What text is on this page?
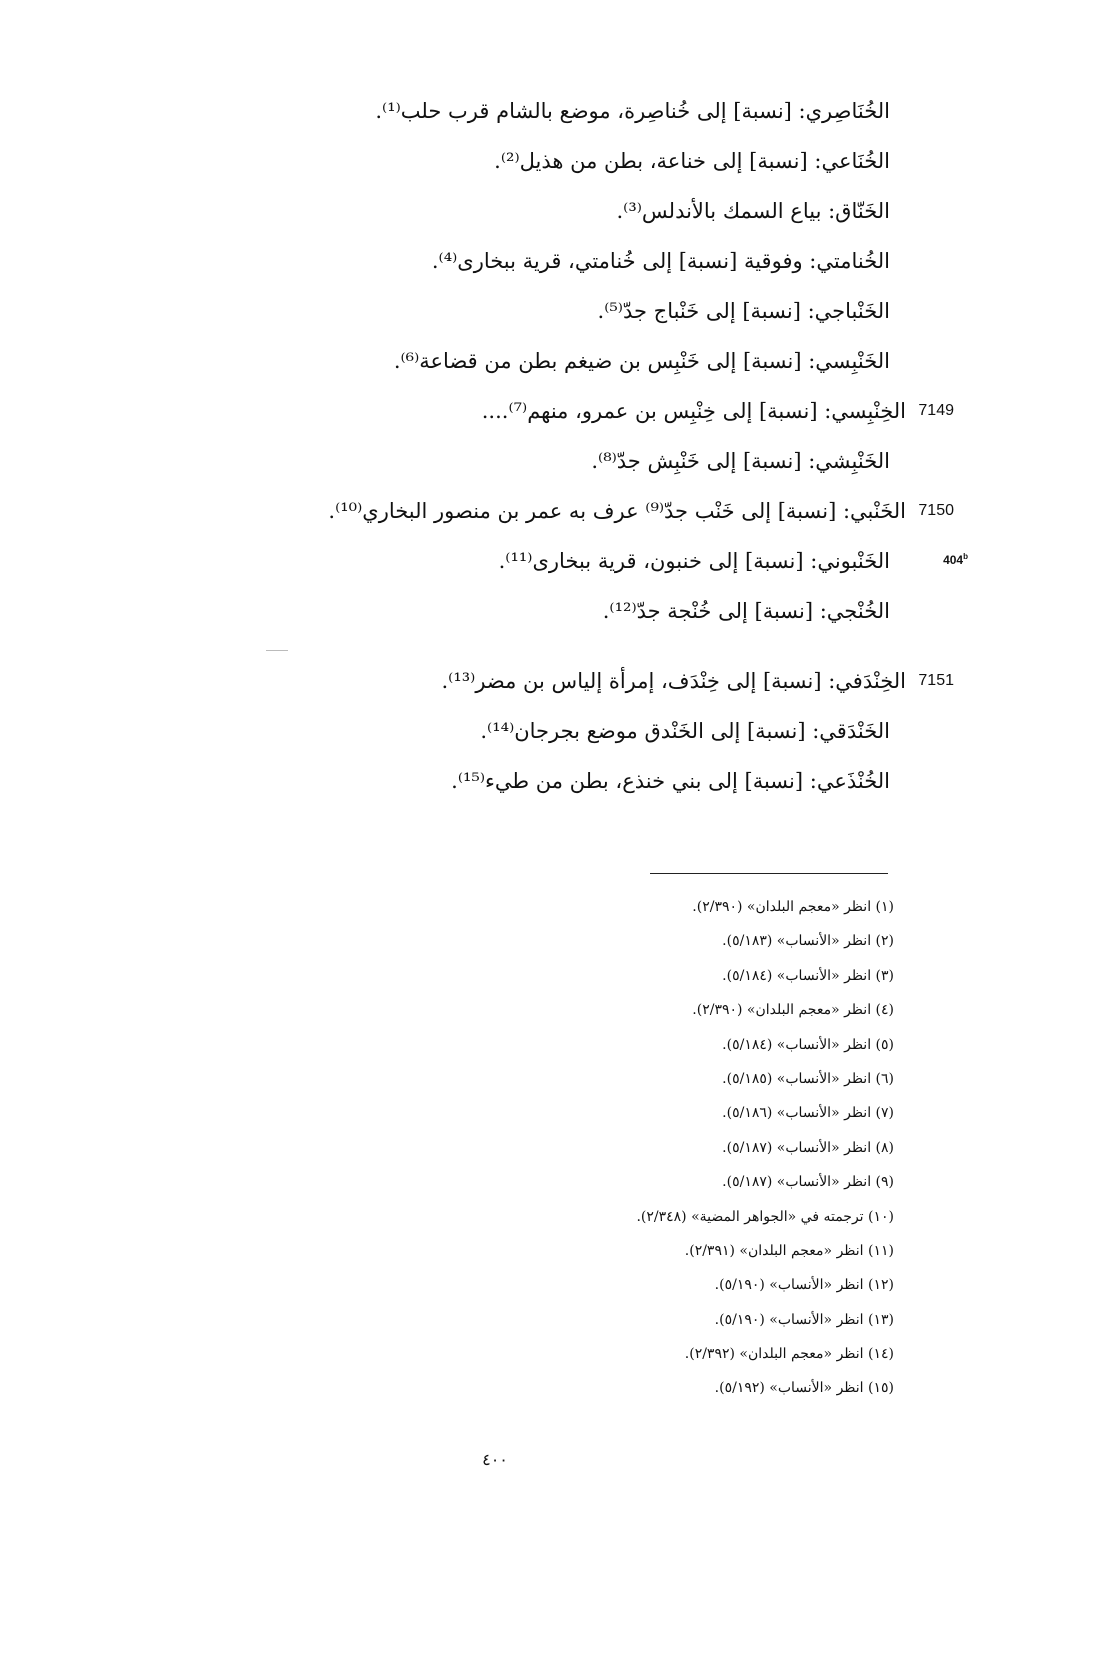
الخُنَاصِري: [نسبة] إلى خُناصِرة، موضع بالشام قرب حلب⁽¹⁾.
الخُنَاعي: [نسبة] إلى خناعة، بطن من هذيل⁽²⁾.
الخَنّاق: بياع السمك بالأندلس⁽³⁾.
الخُنامتي: وفوقية [نسبة] إلى خُنامتي، قرية ببخارى⁽⁴⁾.
الخَنْباجي: [نسبة] إلى خَنْباج جدّ⁽⁵⁾.
الخَنْبِسي: [نسبة] إلى خَنْبِس بن ضيغم بطن من قضاعة⁽⁶⁾.
7149
الخِنْبِسي: [نسبة] إلى خِنْبِس بن عمرو، منهم⁽⁷⁾....
الخَنْبِشي: [نسبة] إلى خَنْبِش جدّ⁽⁸⁾.
7150
الخَنْبي: [نسبة] إلى خَنْب جدّ⁽⁹⁾ عرف به عمر بن منصور البخاري⁽¹⁰⁾.
الخَنْبوني: [نسبة] إلى خنبون، قرية ببخارى⁽¹¹⁾.
الخُنْجي: [نسبة] إلى خُنْجة جدّ⁽¹²⁾.
7151
الخِنْدَفي: [نسبة] إلى خِنْدَف، إمرأة إلياس بن مضر⁽¹³⁾.
الخَنْدَقي: [نسبة] إلى الخَنْدق موضع بجرجان⁽¹⁴⁾.
الخُنْذَعي: [نسبة] إلى بني خنذع، بطن من طيء⁽¹⁵⁾.
404$^b$
(١) انظر «معجم البلدان» (٢/٣٩٠).
(٢) انظر «الأنساب» (٥/١٨٣).
(٣) انظر «الأنساب» (٥/١٨٤).
(٤) انظر «معجم البلدان» (٢/٣٩٠).
(٥) انظر «الأنساب» (٥/١٨٤).
(٦) انظر «الأنساب» (٥/١٨٥).
(٧) انظر «الأنساب» (٥/١٨٦).
(٨) انظر «الأنساب» (٥/١٨٧).
(٩) انظر «الأنساب» (٥/١٨٧).
(١٠) ترجمته في «الجواهر المضية» (٢/٣٤٨).
(١١) انظر «معجم البلدان» (٢/٣٩١).
(١٢) انظر «الأنساب» (٥/١٩٠).
(١٣) انظر «الأنساب» (٥/١٩٠).
(١٤) انظر «معجم البلدان» (٢/٣٩٢).
(١٥) انظر «الأنساب» (٥/١٩٢).
٤٠٠
